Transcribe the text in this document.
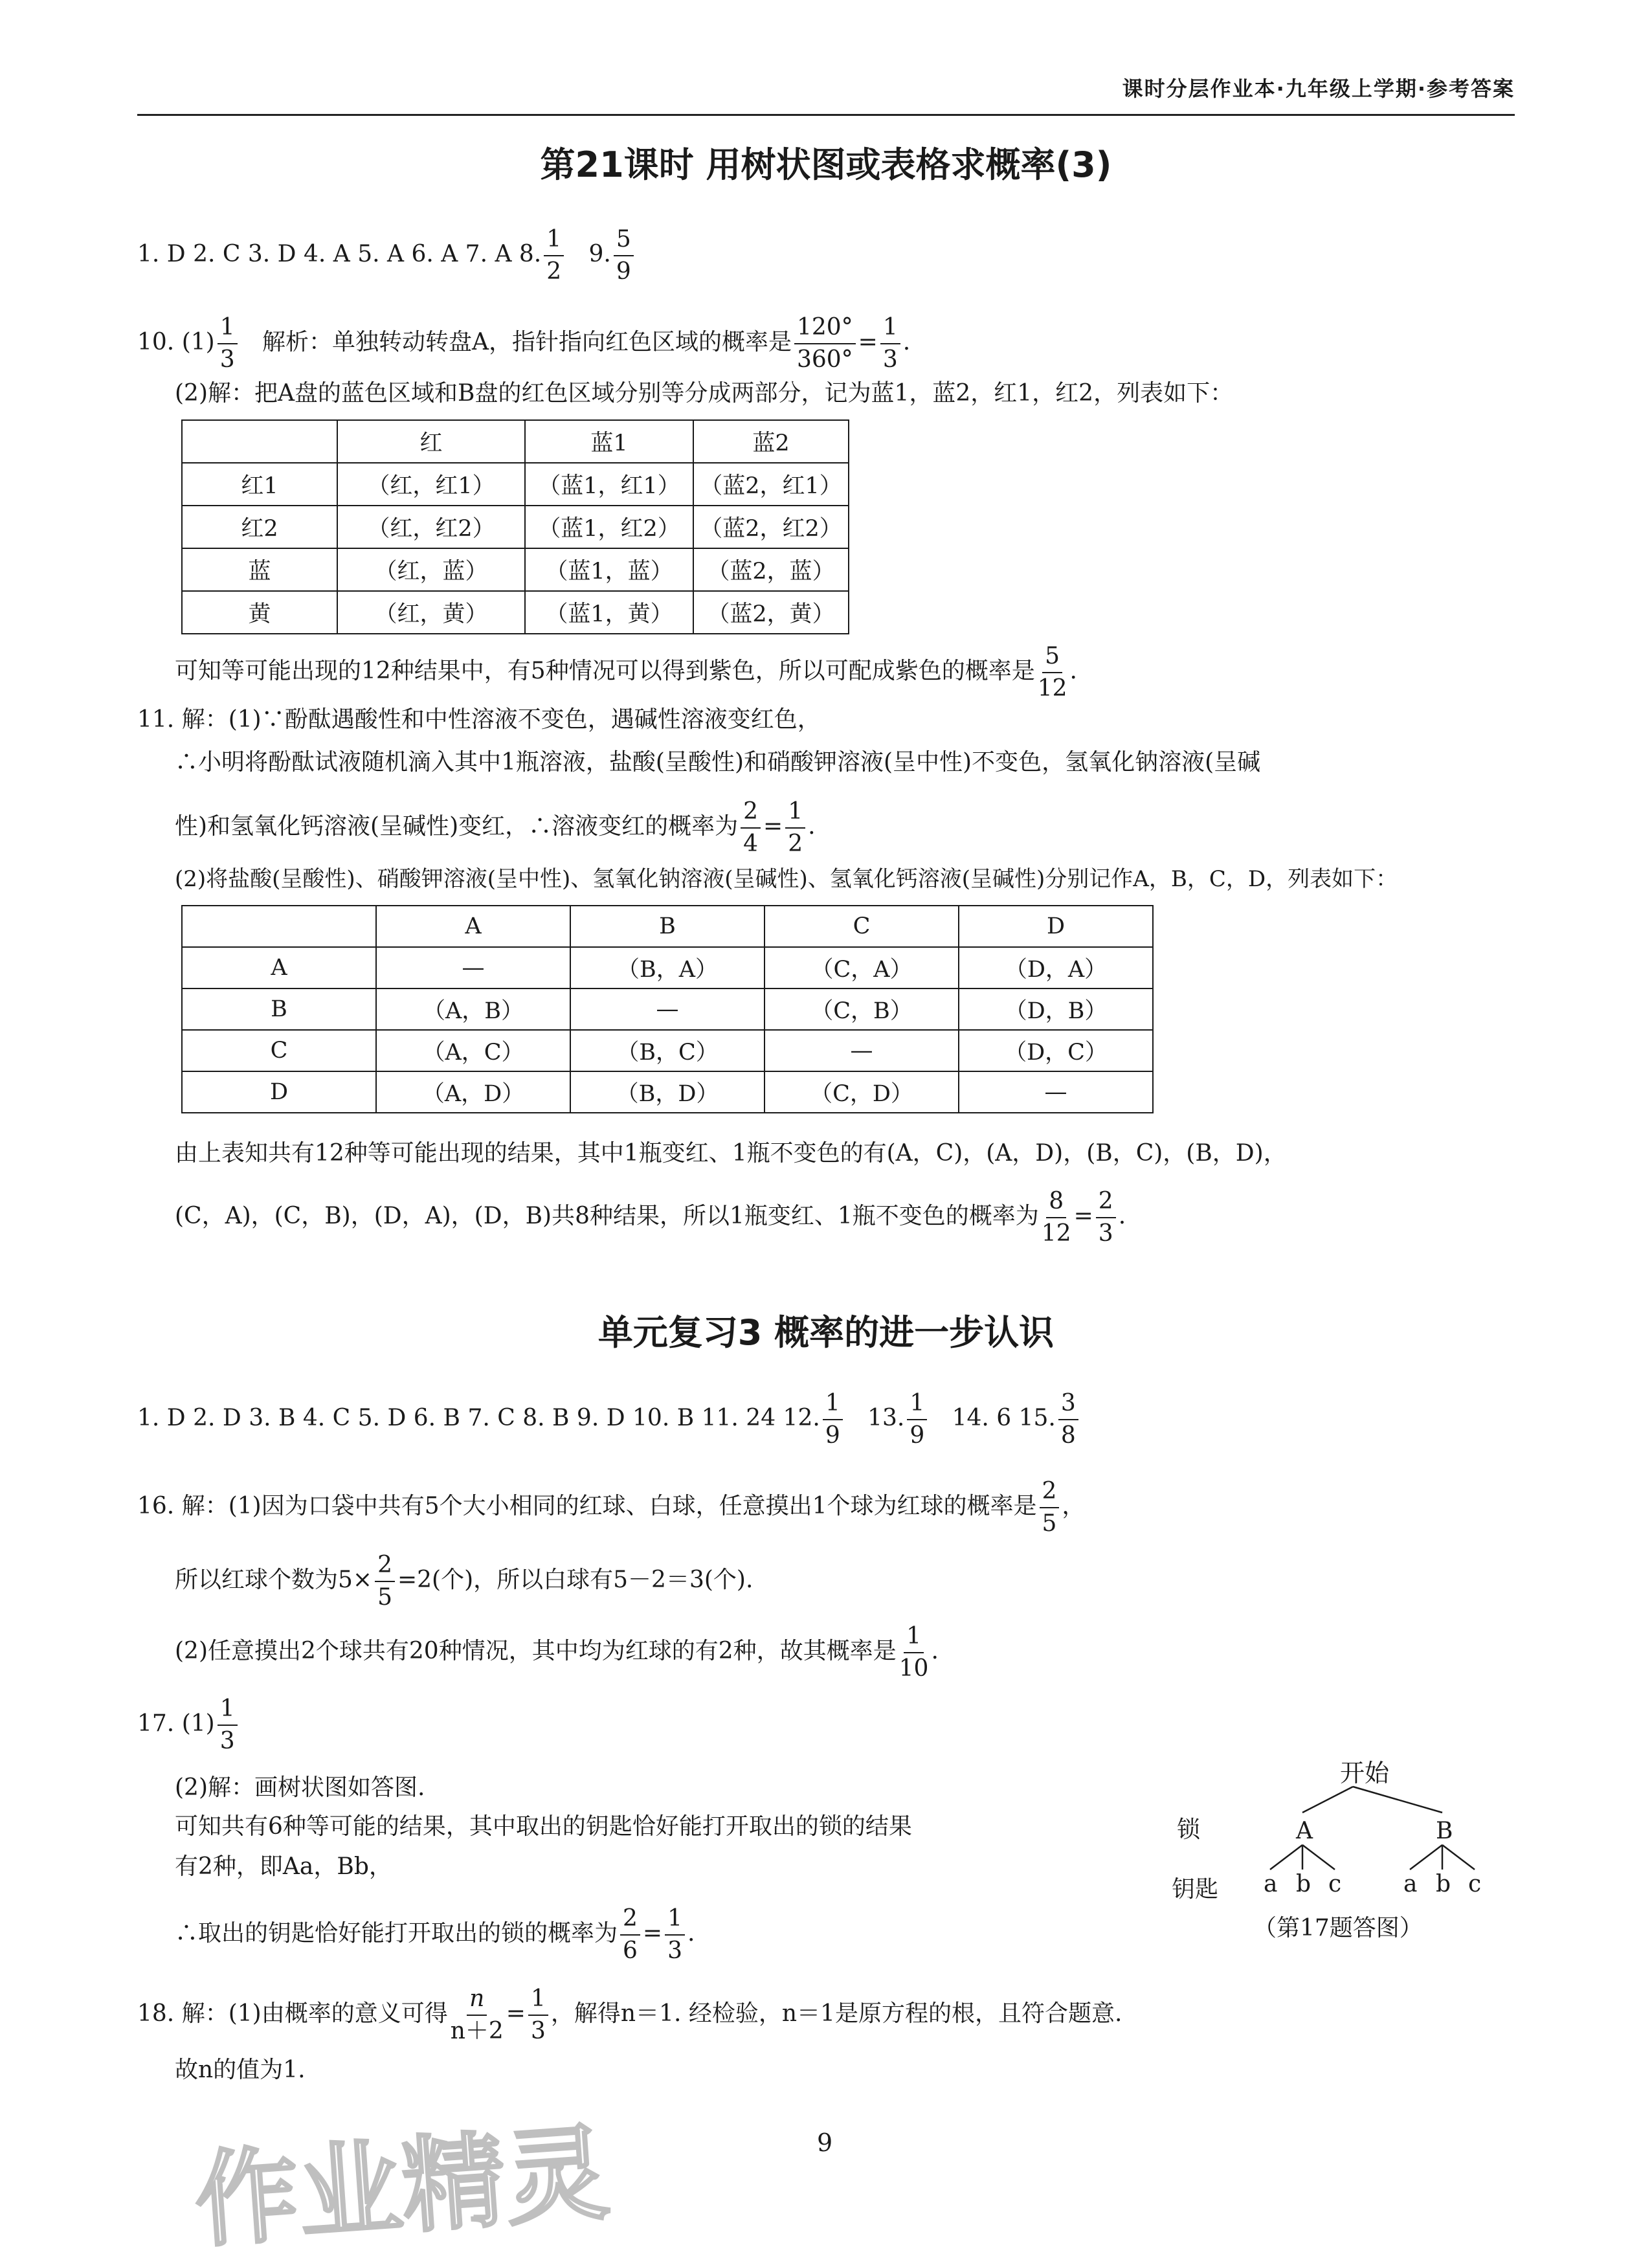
课时分层作业本·九年级上学期·参考答案
第21课时 用树状图或表格求概率(3)
1. D 2. C 3. D 4. A 5. A 6. A 7. A 8. $\frac{1}{2} 9$. $\frac{5}{9}$
10. $(1) \frac{1}{3}$ 解析：单独转动转盘A，指针指向红色区域的概率是 $\frac{120^\circ}{360^\circ} = \frac{1}{3}$ .
(2)解：把A盘的蓝色区域和B盘的红色区域分别等分成两部分，记为蓝1，蓝2，红1，红2，列表如下：
	红	蓝1	蓝2
红1	（红，红1）	（蓝1，红1）	（蓝2，红1）
红2	（红，红2）	（蓝1，红2）	（蓝2，红2）
蓝	（红，蓝）	（蓝1，蓝）	（蓝2，蓝）
黄	（红，黄）	（蓝1，黄）	（蓝2，黄）
可知等可能出现的12种结果中，有5种情况可以得到紫色，所以可配成紫色的概率是 $\frac{5}{12}$ .
11. 解：(1)∵酚酞遇酸性和中性溶液不变色，遇碱性溶液变红色，
∴小明将酚酞试液随机滴入其中1瓶溶液，盐酸(呈酸性)和硝酸钾溶液(呈中性)不变色，氢氧化钠溶液(呈碱
性)和氢氧化钙溶液(呈碱性)变红，∴溶液变红的概率为 $\frac{2}{4} = \frac{1}{2}$ .
(2)将盐酸(呈酸性)、硝酸钾溶液(呈中性)、氢氧化钠溶液(呈碱性)、氢氧化钙溶液(呈碱性)分别记作A，B，C，D，列表如下：
	A	B	C	D
A	—	（B，A）	（C，A）	（D，A）
B	（A，B）	—	（C，B）	（D，B）
C	（A，C）	（B，C）	—	（D，C）
D	（A，D）	（B，D）	（C，D）	—
由上表知共有12种等可能出现的结果，其中1瓶变红、1瓶不变色的有(A，C)，(A，D)，(B，C)，(B，D)，
(C，A)，(C，B)，(D，A)，(D，B)共8种结果，所以1瓶变红、1瓶不变色的概率为 $\frac{8}{12} = \frac{2}{3}$ .
单元复习3 概率的进一步认识
1. D 2. D 3. B 4. C 5. D 6. B 7. C 8. B 9. D 10. B 11. 24 12. $\frac{1}{9} 13$. $\frac{1}{9} 14$. 6 15. $\frac{3}{8}$
16. 解：(1)因为口袋中共有5个大小相同的红球、白球，任意摸出1个球为红球的概率是 $\frac{2}{5}$ ，
所以红球个数为$5\times \frac{2}{5} =2$(个)，所以白球有5－2＝3(个).
(2)任意摸出2个球共有20种情况，其中均为红球的有2种，故其概率是 $\frac{1}{10}$ .
17. $(1) \frac{1}{3}$
(2)解：画树状图如答图.
可知共有6种等可能的结果，其中取出的钥匙恰好能打开取出的锁的结果
有2种，即Aa，Bb，
∴取出的钥匙恰好能打开取出的锁的概率为 $\frac{2}{6} = \frac{1}{3}$ .
锁
钥匙
开始
A	B
a b c	a b c
（第17题答图）
18. 解：(1)由概率的意义可得 $\frac{n}{n+2} = \frac{1}{3}$ ，解得n＝1. 经检验，n＝1是原方程的根，且符合题意.
故n的值为1.
9
作业精灵
